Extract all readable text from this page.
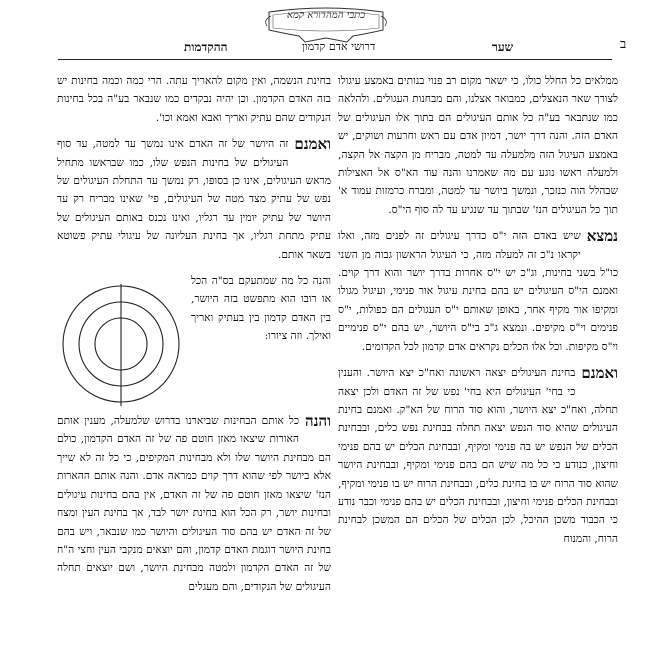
כתבי המהדורא קמא
ב
שער
דרושי אדם קדמון
ההקדמות

ממלאים כל החלל כולו, כי ישאר מקום רב פנוי בנותים באמצע עיגולו לצורך שאר הנאצלים, כמבואר אצלנו, והם מבחנות העגולים. ולהלאה כמו שנתבאר בע"ה כל אותם העיגולים הם בתוך אלו העיגולים של האדם הזה. והנה דרך יושר, דמיון אדם עם ראש וחרעות ושוקים, יש באמצע העיגול הזה מלמעלה עד למטה, מבריח מן הקצה אל הקצה, ולמעלה ראשו נוגע עם מה שאמרנו והנה עוד הא"ס אל האצילות שבהלל הוה כנזכר, ונמשך ביושר עד למטה, ומברח כרמזות עמוד א' תוך כל העיגולים הנז' שבתוך עד שנגיע עד לה סוף הי"ס.

נמצא
שיש באדם הזה י"ס כדרך עיגולים זה לפנים מזה, ואלו יקראו נ"כ זה למעלה מזה, כי העיגול הראשון גבוה מן השני כו"ל בשני בחינות, וג"כ יש י"ס אחרות בדרך יושר והוא דרך קוים. ואמנם הי"ס העיגולים יש בהם בחינת עיגול אור פנימי, ועיגול מגולו ומקיפו אור מקיף אחר, באופן שאותם י"ס העגולים הם כפולות, י"ס פנימים וי"ס מקיפים. ונמצא ג"כ בי"ס היושר, יש בהם י"ס פנימיים וי"ס מקיפות. וכל אלו הכלים נקראים אדם קדמון לכל הקדומים.

ואמנם
בחינת העיגולים יצאה ראשונה ואח"כ יצא היושר. והענין כי בחי' העיגולים היא בחי' נפש של זה האדם ולכן יצאה תחלה, ואח"כ יצא היושר, והוא סוד הרוח של הא"ק. ואמנם בחינת העיגולים שהיא סוד הנפש יצאה תחלה בבחינת נפש כלים, ובבחינת הכלים של הנפש יש בה פנימי ומקיף, ובבחינת הכלים יש בהם פנימי וחיצון, כנודע כי כל מה שיש הם בהם פנימי ומקיף, ובבחינת היושר שהוא סוד הרוח יש בו בחינת כלים, ובבחינת הרוח יש בו פנימי ומקיף, ובבחינת הכלים פנימי וחיצון, ובבחינת הכלים יש בהם פנימי וכבר נודע כי הכבוד משכן ההיכל, לכן הכלים של הכלים הם המשכן לבחינת הרוח, והמנוח

בחינת הנשמה, ואין מקום להאריך עתה. הרי כמה וכמה בחינות יש בזה האדם הקדמון. וכן יהיה נבקדים כמו שנבאר בע"ה בכל בחינות הנקודים שהם עתיק ואריך ואבא ואמא וכו'.

ואמנם
זה היושר של זה האדם אינו נמשך עד למטה, עד סוף העיגולים של בחינות הנפש שלו, כמו שבראשו מתחיל מראש העיגולים, אינו כן בסופו, רק נמשך עד התחלת העיגולים של נפש של עתיק מצד מטה של העיגולים, פי' שאינו מבריח רק עד היושר של עתיק יומין עד רגליו, ואינו נכנס באותם העיגולים של עתיק מתחת רגליו, אך בחינת העליונה של עיגולי עתיק פשוטא בשאר אותם.

והנה כל מה שמתעקם בס"ה הכל או רובו הוא מתפשט בזה היושר, בין האדם קדמון בין בעתיק ואריך ואילך. וזה ציורו:

והנה
כל אותם הבחינות שביארנו בדרוש שלמעלה, מענין אותם האורות שיצאו מאזן חוטם פה של זה האדם הקדמון, כולם הם מבחינת היושר שלו ולא מבחינות המקיפים, כי כל זה לא שייך אלא ביושר לפי שהוא דרך קוים כמראה אדם. והנה אותם ההארות הנז' שיצאו מאזן חוטם פה של זה האדם, אין בהם בחינות עיגולים ובחינות יושר, רק הכל הוא בחינת יושר לבד, אך בחינת העין ומצח של זה האדם יש בהם סוד העיגולים והיושר כמו שנבאר, ויש בהם בחינת היושר דוגמת האדם קדמון, והם יוצאים מנקבי העין וחצי ה"ח של זה האדם הקדמון ולמטה מבחינת היושר, ושם יוצאים תחלה העיגולים של הנקודים, והם מעגלים
